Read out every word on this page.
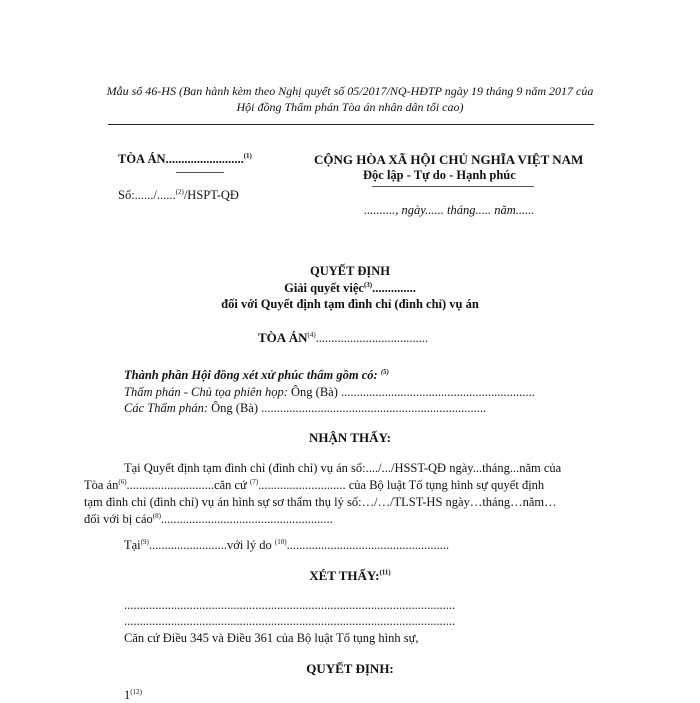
Mẫu số 46-HS (Ban hành kèm theo Nghị quyết số 05/2017/NQ-HĐTP ngày 19 tháng 9 năm 2017 của
Hội đồng Thẩm phán Tòa án nhân dân tối cao)
TÒA ÁN.........................$^{(1)}$
Số:....../......$^{(2)}$/HSPT-QĐ
CỘNG HÒA XÃ HỘI CHỦ NGHĨA VIỆT NAM
Độc lập - Tự do - Hạnh phúc
.........., ngày...... tháng..... năm......
QUYẾT ĐỊNH
Giải quyết việc$^{(3)}$..............
đối với Quyết định tạm đình chỉ (đình chỉ) vụ án
TÒA ÁN$^{(4)}$....................................
Thành phần Hội đồng xét xử phúc thẩm gồm có: $^{(5)}$
Thẩm phán - Chủ tọa phiên họp: Ông (Bà) ..............................................................
Các Thẩm phán: Ông (Bà) ........................................................................
NHẬN THẤY:
Tại Quyết định tạm đình chỉ (đình chỉ) vụ án số:..../.../HSST-QĐ ngày...tháng...năm của
Tòa $án^{(6)}............................căn$ cứ $^{(7)}$............................ của Bộ luật Tố tụng hình sự quyết định
tạm đình chỉ (đình chỉ) vụ án hình sự sơ thẩm thụ lý số:…/…/TLST-HS ngày…tháng…năm…
đối với bị cáo$^{(8)}$.......................................................
Tại$^{(9)}$.........................với lý do $^{(10)}$....................................................
XÉT THẤY:$^{(11)}$
..........................................................................................................
..........................................................................................................
Căn cứ Điều 345 và Điều 361 của Bộ luật Tố tụng hình sự,
QUYẾT ĐỊNH:
1$^{(12)}$
